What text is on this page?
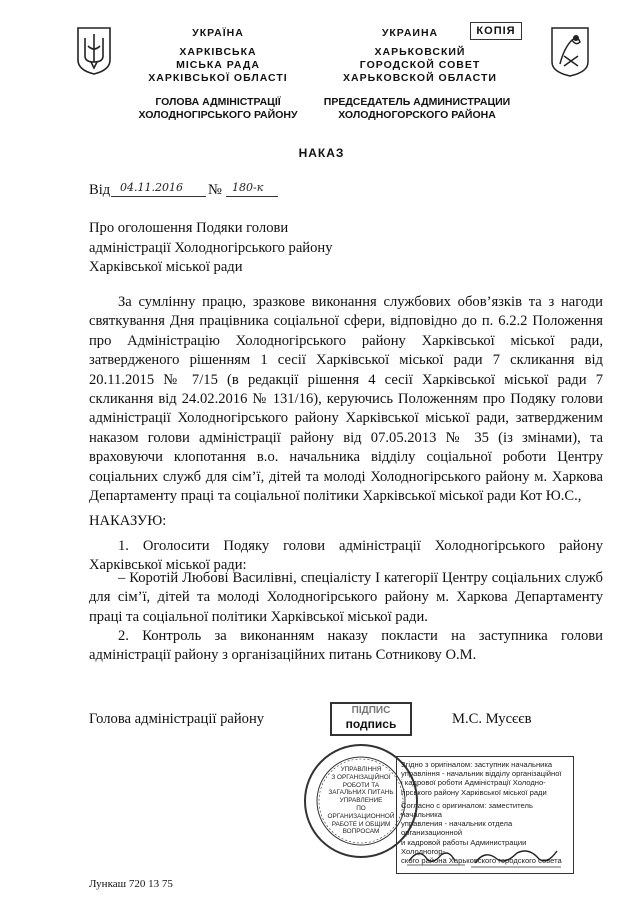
УКРАЇНА
ХАРКІВСЬКА
МІСЬКА РАДА
ХАРКІВСЬКОЇ ОБЛАСТІ
ГОЛОВА АДМІНІСТРАЦІЇ
ХОЛОДНОГІРСЬКОГО РАЙОНУ
УКРАИНА	КОПІЯ
ХАРЬКОВСКИЙ
ГОРОДСКОЙ СОВЕТ
ХАРЬКОВСКОЙ ОБЛАСТИ
ПРЕДСЕДАТЕЛЬ АДМИНИСТРАЦИИ
ХОЛОДНОГОРСКОГО РАЙОНА
НАКАЗ
Від 04.11.2016 № 180-к
Про оголошення Подяки голови
адміністрації Холодногірського району
Харківської міської ради
За сумлінну працю, зразкове виконання службових обов’язків та з нагоди святкування Дня працівника соціальної сфери, відповідно до п. 6.2.2 Положення про Адміністрацію Холодногірського району Харківської міської ради, затвердженого рішенням 1 сесії Харківської міської ради 7 скликання від 20.11.2015 № 7/15 (в редакції рішення 4 сесії Харківської міської ради 7 скликання від 24.02.2016 № 131/16), керуючись Положенням про Подяку голови адміністрації Холодногірського району Харківської міської ради, затвердженим наказом голови адміністрації району від 07.05.2013 № 35 (із змінами), та враховуючи клопотання в.о. начальника відділу соціальної роботи Центру соціальних служб для сім’ї, дітей та молоді Холодногірського району м. Харкова Департаменту праці та соціальної політики Харківської міської ради Кот Ю.С.,
НАКАЗУЮ:
1. Оголосити Подяку голови адміністрації Холодногірського району Харківської міської ради:
– Коротій Любові Василівні, спеціалісту I категорії Центру соціальних служб для сім’ї, дітей та молоді Холодногірського району м. Харкова Департаменту праці та соціальної політики Харківської міської ради.
2. Контроль за виконанням наказу покласти на заступника голови адміністрації району з організаційних питань Сотникову О.М.
Голова адміністрації району
ПІДПИС
подпись	М.С. Мусєєв
УПРАВЛІННЯ
З ОРГАНІЗАЦІЙНОЇ
РОБОТИ ТА
ЗАГАЛЬНИХ ПИТАНЬ
УПРАВЛЕНИЕ
ПО ОРГАНИЗАЦИОННОЙ
РАБОТЕ И ОБЩИМ
ВОПРОСАМ
Згідно з оригіналом: заступник начальника
управління - начальник відділу організаційної
і кадрової роботи Адміністрації Холодно-
гірського району Харківської міської ради
Согласно с оригиналом: заместитель начальника
управления - начальник отдела организационной
и кадровой работы Администрации Холодногор-
ского района Харьковского городского совета
Лункаш 720 13 75
